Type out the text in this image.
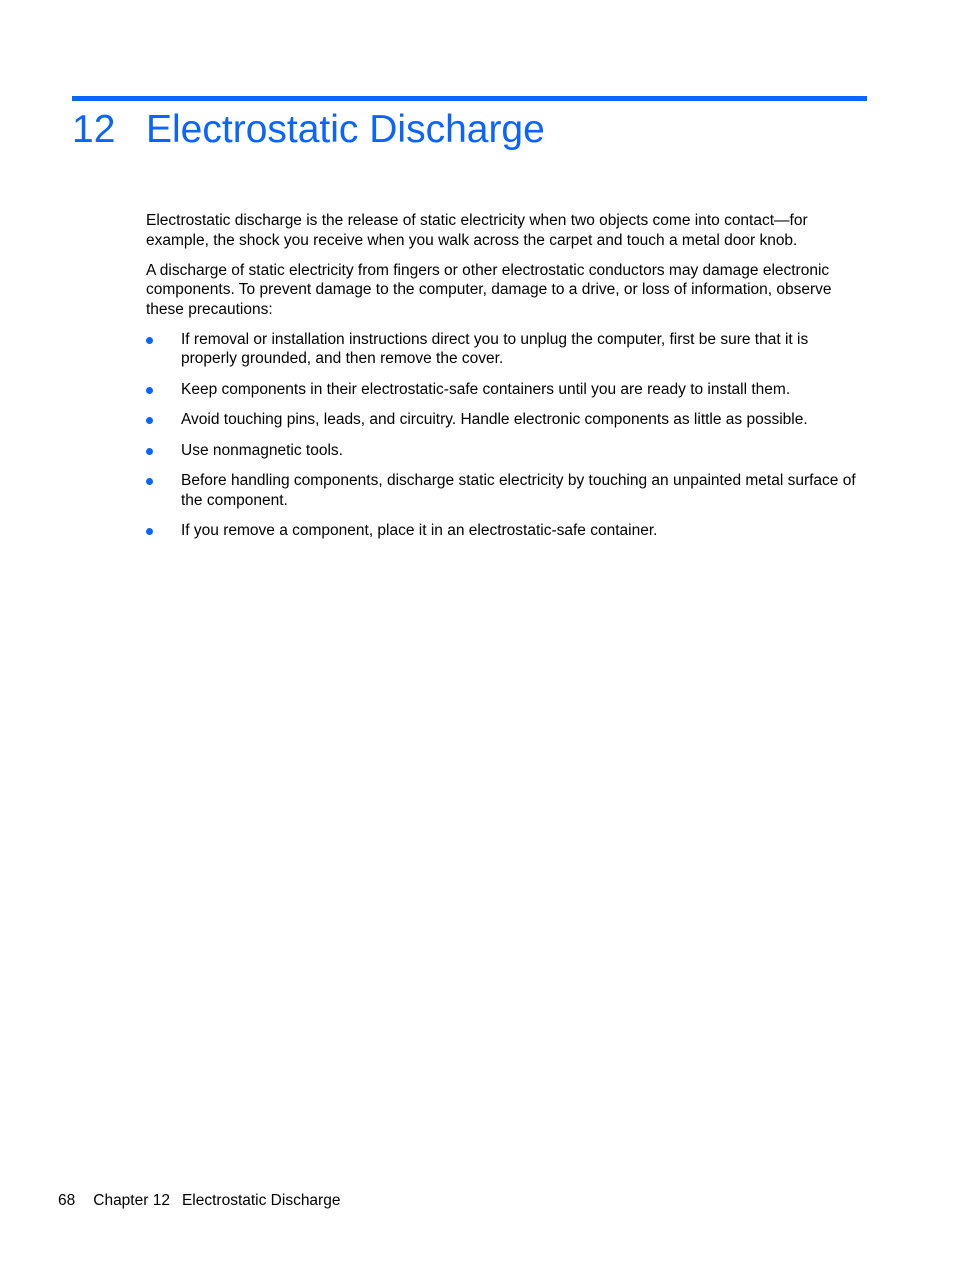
12 Electrostatic Discharge

Electrostatic discharge is the release of static electricity when two objects come into contact—for example, the shock you receive when you walk across the carpet and touch a metal door knob.

A discharge of static electricity from fingers or other electrostatic conductors may damage electronic components. To prevent damage to the computer, damage to a drive, or loss of information, observe these precautions:

If removal or installation instructions direct you to unplug the computer, first be sure that it is properly grounded, and then remove the cover.
Keep components in their electrostatic-safe containers until you are ready to install them.
Avoid touching pins, leads, and circuitry. Handle electronic components as little as possible.
Use nonmagnetic tools.
Before handling components, discharge static electricity by touching an unpainted metal surface of the component.
If you remove a component, place it in an electrostatic-safe container.
68 Chapter 12 Electrostatic Discharge
